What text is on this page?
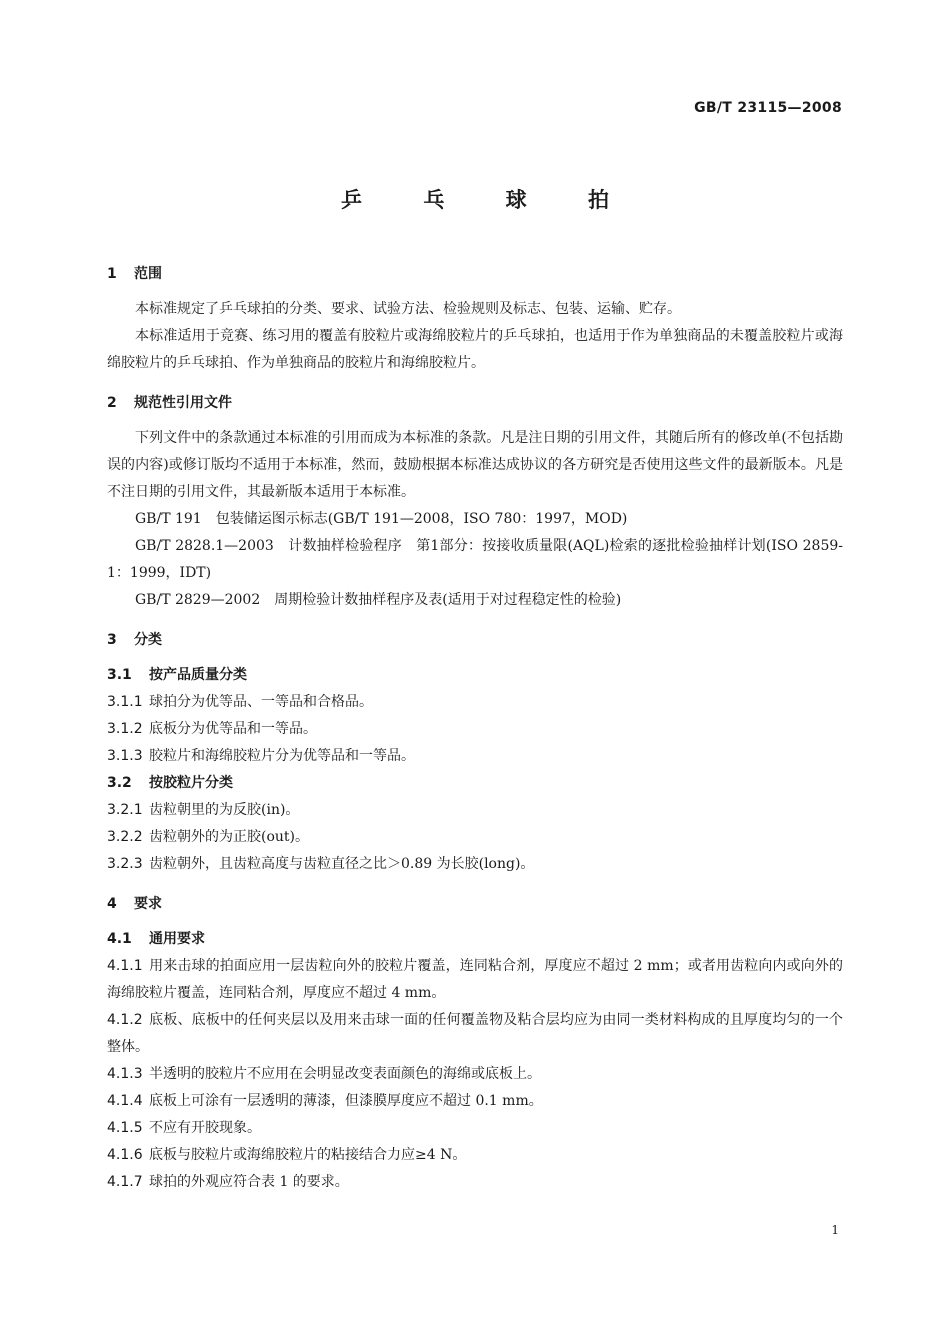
GB/T 23115—2008
乒 乓 球 拍
1 范围

本标准规定了乒乓球拍的分类、要求、试验方法、检验规则及标志、包装、运输、贮存。

本标准适用于竞赛、练习用的覆盖有胶粒片或海绵胶粒片的乒乓球拍，也适用于作为单独商品的未覆盖胶粒片或海绵胶粒片的乒乓球拍、作为单独商品的胶粒片和海绵胶粒片。

2 规范性引用文件

下列文件中的条款通过本标准的引用而成为本标准的条款。凡是注日期的引用文件，其随后所有的修改单(不包括勘误的内容)或修订版均不适用于本标准，然而，鼓励根据本标准达成协议的各方研究是否使用这些文件的最新版本。凡是不注日期的引用文件，其最新版本适用于本标准。

GB/T 191　包装储运图示标志(GB/T 191—2008，ISO 780：1997，MOD)

GB/T 2828.1—2003　计数抽样检验程序　第1部分：按接收质量限(AQL)检索的逐批检验抽样计划(ISO 2859-1：1999，IDT)

GB/T 2829—2002　周期检验计数抽样程序及表(适用于对过程稳定性的检验)

3 分类
3.1 按产品质量分类

3.1.1 球拍分为优等品、一等品和合格品。

3.1.2 底板分为优等品和一等品。

3.1.3 胶粒片和海绵胶粒片分为优等品和一等品。

3.2 按胶粒片分类

3.2.1 齿粒朝里的为反胶(in)。

3.2.2 齿粒朝外的为正胶(out)。

3.2.3 齿粒朝外，且齿粒高度与齿粒直径之比＞0.89 为长胶(long)。

4 要求
4.1 通用要求

4.1.1 用来击球的拍面应用一层齿粒向外的胶粒片覆盖，连同粘合剂，厚度应不超过 2 mm；或者用齿粒向内或向外的海绵胶粒片覆盖，连同粘合剂，厚度应不超过 4 mm。

4.1.2 底板、底板中的任何夹层以及用来击球一面的任何覆盖物及粘合层均应为由同一类材料构成的且厚度均匀的一个整体。

4.1.3 半透明的胶粒片不应用在会明显改变表面颜色的海绵或底板上。

4.1.4 底板上可涂有一层透明的薄漆，但漆膜厚度应不超过 0.1 mm。

4.1.5 不应有开胶现象。

4.1.6 底板与胶粒片或海绵胶粒片的粘接结合力应≥4 N。

4.1.7 球拍的外观应符合表 1 的要求。

1
